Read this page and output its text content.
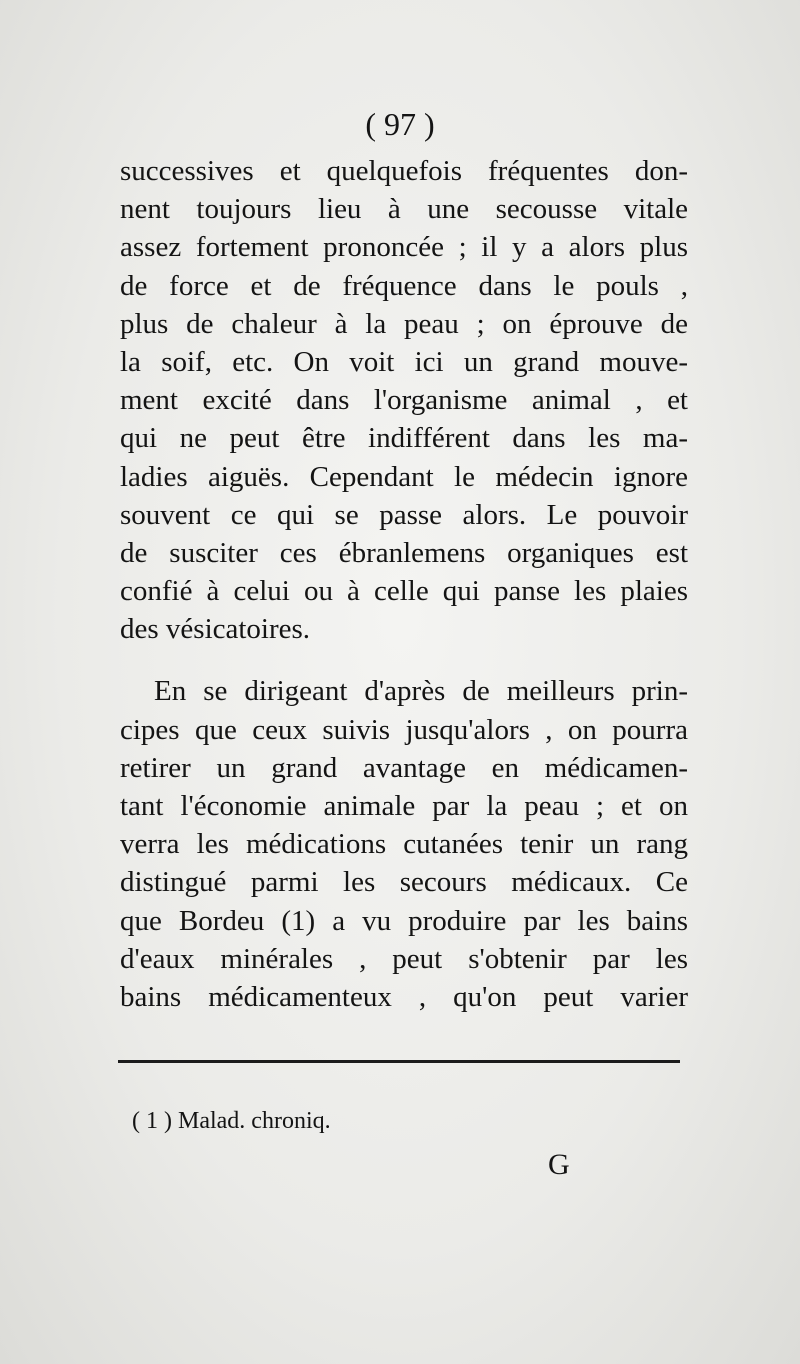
( 97 )
successives et quelquefois fréquentes don-
nent toujours lieu à une secousse vitale
assez fortement prononcée ; il y a alors plus
de force et de fréquence dans le pouls ,
plus de chaleur à la peau ; on éprouve de
la soif, etc. On voit ici un grand mouve-
ment excité dans l'organisme animal , et
qui ne peut être indifférent dans les ma-
ladies aiguës. Cependant le médecin ignore
souvent ce qui se passe alors. Le pouvoir
de susciter ces ébranlemens organiques est
confié à celui ou à celle qui panse les plaies
des vésicatoires.
En se dirigeant d'après de meilleurs prin-
cipes que ceux suivis jusqu'alors , on pourra
retirer un grand avantage en médicamen-
tant l'économie animale par la peau ; et on
verra les médications cutanées tenir un rang
distingué parmi les secours médicaux. Ce
que Bordeu (1) a vu produire par les bains
d'eaux minérales , peut s'obtenir par les
bains médicamenteux , qu'on peut varier
( 1 ) Malad. chroniq.
G
